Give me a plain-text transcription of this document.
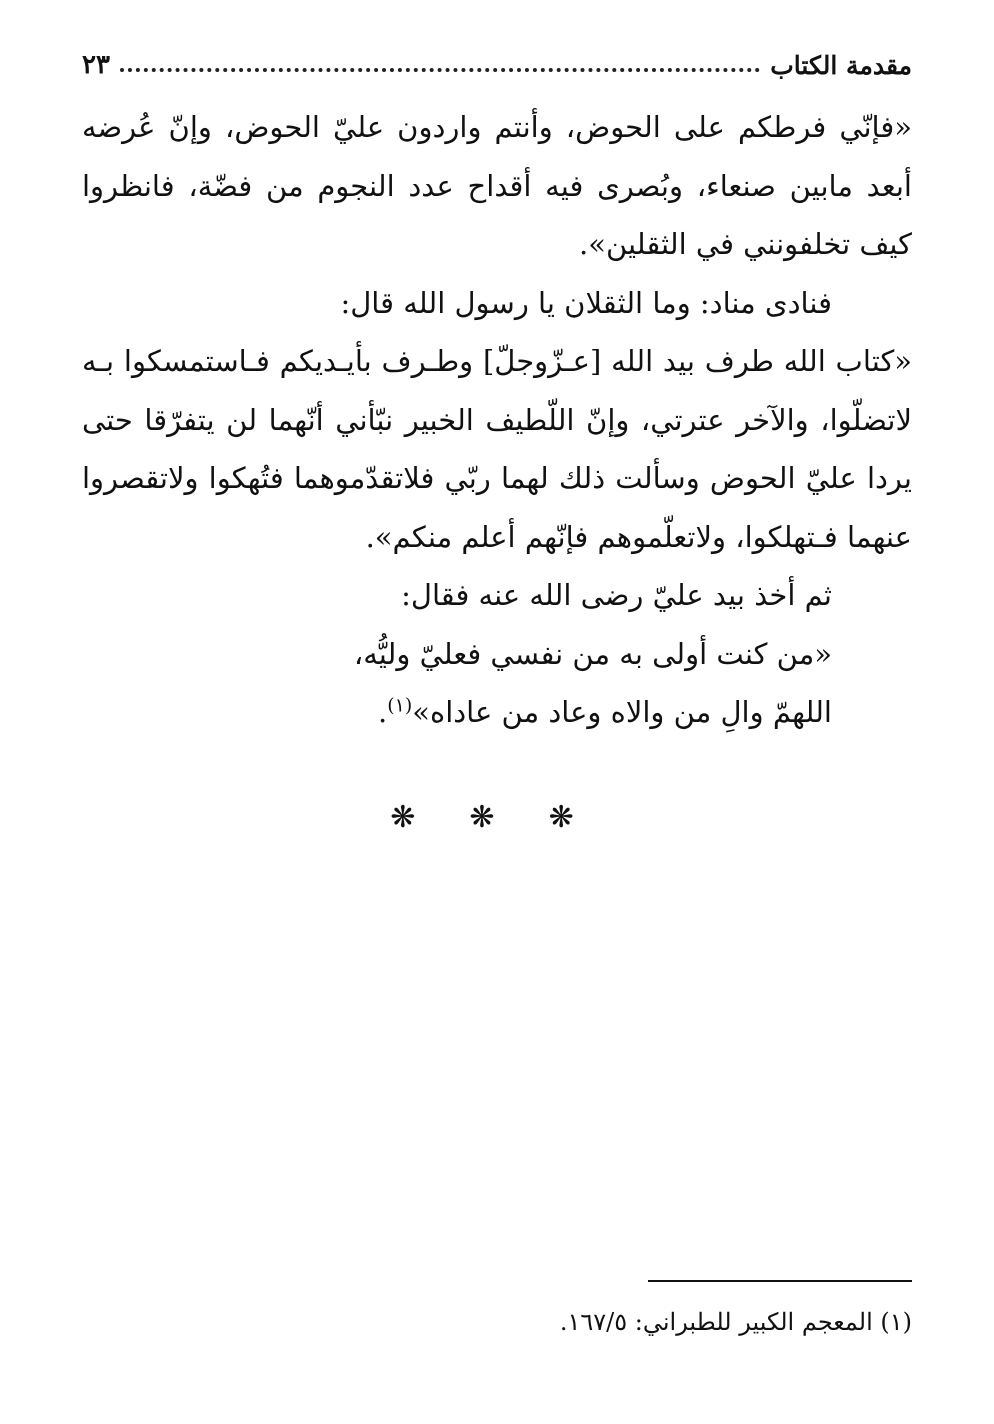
مقدمة الكتاب
٢٣

«فإنّي فرطكم على الحوض، وأنتم واردون عليّ الحوض، وإنّ عُرضه أبعد مابين صنعاء، وبُصرى فيه أقداح عدد النجوم من فضّة، فانظروا كيف تخلفونني في الثقلين».

فنادى مناد: وما الثقلان يا رسول الله قال:

«كتاب الله طرف بيد الله [عـزّوجلّ] وطـرف بأيـديكم فـاستمسكوا بـه لاتضلّوا، والآخر عترتي، وإنّ اللّطيف الخبير نبّأني أنّهما لن يتفرّقا حتى يردا عليّ الحوض وسألت ذلك لهما ربّي فلاتقدّموهما فتُهكوا ولاتقصروا عنهما فـتهلكوا، ولاتعلّموهم فإنّهم أعلم منكم».

ثم أخذ بيد عليّ رضى الله عنه فقال:

«من كنت أولى به من نفسي فعليّ وليُّه،

اللهمّ والِ من والاه وعاد من عاداه»$^{(١)}$.

❋ ❋ ❋
(١) المعجم الكبير للطبراني: ١٦٧/٥.
